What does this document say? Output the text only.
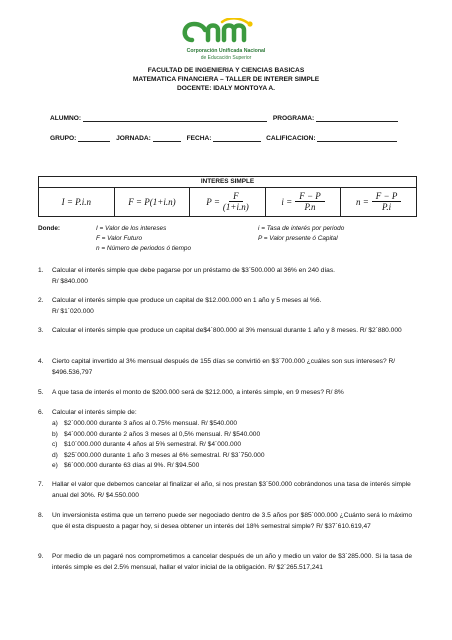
Corporación Unificada Nacional
de Educación Superior
FACULTAD DE INGENIERIA Y CIENCIAS BASICAS
MATEMATICA FINANCIERA – TALLER DE INTERER SIMPLE
DOCENTE: IDALY MONTOYA A.
ALUMNO:	PROGRAMA:
GRUPO:	JORNADA:	FECHA:	CALIFICACION:
INTERES SIMPLE
I = P.i.n	F = P(1+i.n)	$P = \frac{F}{(1+i.n)}$	$i = \frac{F - P}{P.n}$	$n = \frac{F - P}{P.i}$
Donde:	I = Valor de los intereses
F = Valor Futuro
n = Número de periodos ó tiempo
i = Tasa de interés por periodo
P = Valor presente ó Capital
1. Calcular el interés simple que debe pagarse por un préstamo de $3´500.000 al 36% en 240 días.
R/ $840.000
2. Calcular el interés simple que produce un capital de $12.000.000 en 1 año y 5 meses al %6.
R/ $1´020.000
3. Calcular el interés simple que produce un capital de$4´800.000 al 3% mensual durante 1 año y 8 meses. R/ $2´880.000
4. Cierto capital invertido al 3% mensual después de 155 días se convirtió en $3´700.000 ¿cuáles son sus intereses? R/ $496.536,797
5. A que tasa de interés el monto de $200.000 será de $212.000, a interés simple, en 9 meses? R/ 8%
6. Calcular el interés simple de:
a) $2´000.000 durante 3 años al 0.75% mensual. R/ $540.000
b) $4´000.000 durante 2 años 3 meses al 0,5% mensual. R/ $540.000
c) $10´000.000 durante 4 años al 5% semestral. R/ $4´000.000
d) $25´000.000 durante 1 año 3 meses al 6% semestral. R/ $3´750.000
e) $6´000.000 durante 63 días al 9%. R/ $94.500
7. Hallar el valor que debemos cancelar al finalizar el año, si nos prestan $3´500.000 cobrándonos una tasa de interés simple anual del 30%. R/ $4.550.000
8. Un inversionista estima que un terreno puede ser negociado dentro de 3.5 años por $85´000.000 ¿Cuánto será lo máximo que él esta dispuesto a pagar hoy, si desea obtener un interés del 18% semestral simple? R/ $37´610.619,47
9. Por medio de un pagaré nos comprometimos a cancelar después de un año y medio un valor de $3´285.000. Si la tasa de interés simple es del 2.5% mensual, hallar el valor inicial de la obligación. R/ $2´265.517,241
